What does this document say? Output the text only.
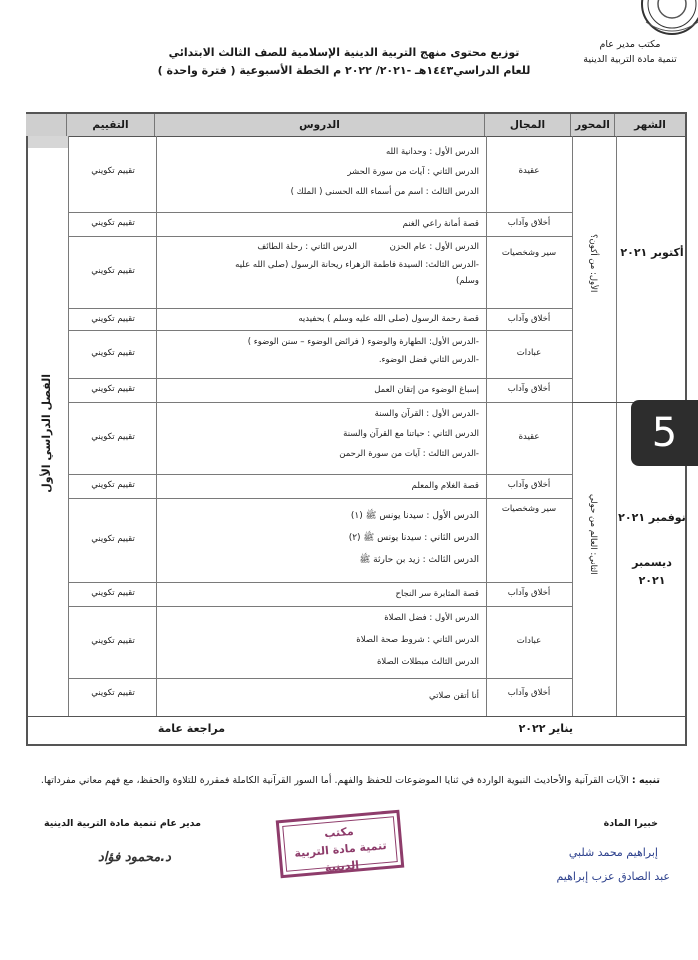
مكتب مدير عام
تنمية مادة التربية الدينية
توزيع محتوى منهج التربية الدينية الإسلامية للصف الثالث الابتدائي
للعام الدراسي١٤٤٣هـ -٢٠٢١/ ٢٠٢٢ م الخطة الأسبوعية ( فترة واحدة )
الشهر
المحور
المجال
الدروس
التقييم
الفصل الدراسي الأول
أكتوبر ٢٠٢١
نوفمبر ٢٠٢١
ديسمبر ٢٠٢١
الأول: من أكون؟
الثاني: العالم من حولي
عقيدة
أخلاق وآداب
سير وشخصيات
أخلاق وآداب
عبادات
أخلاق وآداب
عقيدة
أخلاق وآداب
سير وشخصيات
أخلاق وآداب
عبادات
أخلاق وآداب
الدرس الأول : وحدانية الله
الدرس الثاني : آيات من سورة الحشر
الدرس الثالث : اسم من أسماء الله الحسنى ( الملك )
قصة أمانة راعي الغنم
الدرس الأول : عام الحزن الدرس الثاني : رحلة الطائف
-الدرس الثالث: السيدة فاطمة الزهراء ريحانة الرسول (صلى الله عليه
وسلم)
قصة رحمة الرسول (صلى الله عليه وسلم ) بحفيديه
-الدرس الأول: الطهارة والوضوء ( فرائض الوضوء – سنن الوضوء )
-الدرس الثاني فضل الوضوء.
إسباغ الوضوء من إتقان العمل
-الدرس الأول : القرآن والسنة
الدرس الثاني : حياتنا مع القرآن والسنة
-الدرس الثالث : آيات من سورة الرحمن
قصة الغلام والمعلم
الدرس الأول : سيدنا يونس ﷺ (١)
الدرس الثاني : سيدنا يونس ﷺ (٢)
الدرس الثالث : زيد بن حارثة ﷺ
قصة المثابرة سر النجاح
الدرس الأول : فضل الصلاة
الدرس الثاني : شروط صحة الصلاة
الدرس الثالث مبطلات الصلاة
أنا أتقن صلاتي
تقييم تكويني
تقييم تكويني
تقييم تكويني
تقييم تكويني
تقييم تكويني
تقييم تكويني
تقييم تكويني
تقييم تكويني
تقييم تكويني
تقييم تكويني
تقييم تكويني
تقييم تكويني
يناير ٢٠٢٢
مراجعة عامة
5
تنبيه : الآيات القرآنية والأحاديث النبوية الواردة في ثنايا الموضوعات للحفظ والفهم. أما السور القرآنية الكاملة فمقررة للتلاوة والحفظ، مع فهم معاني مفرداتها.
خبيرا المادة
إبراهيم محمد شلبي
عبد الصادق عزب إبراهيم
مدير عام تنمية مادة التربية الدينية
د.محمود فؤاد
مكتب
تنمية مادة التربية الدينية
